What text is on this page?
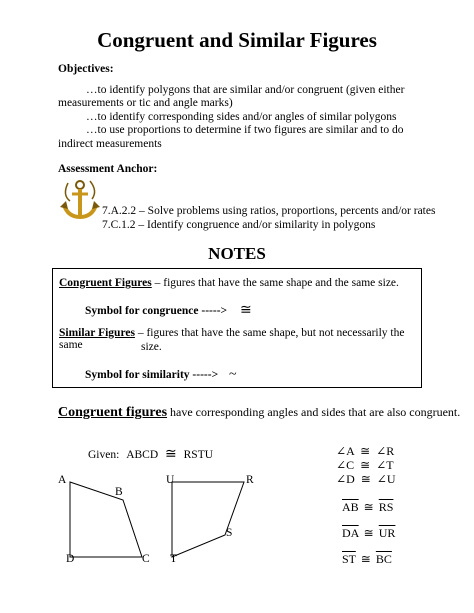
Congruent and Similar Figures
Objectives:

…to identify polygons that are similar and/or congruent (given either

measurements or tic and angle marks)

…to identify corresponding sides and/or angles of similar polygons

…to use proportions to determine if two figures are similar and to do

indirect measurements

Assessment Anchor:
7.A.2.2 – Solve problems using ratios, proportions, percents and/or rates
7.C.1.2 – Identify congruence and/or similarity in polygons
NOTES
Congruent Figures – figures that have the same shape and the same size.
Symbol for congruence -----> ≅
Similar Figures – figures that have the same shape, but not necessarily the same	size.
Symbol for similarity -----> ~
Congruent figures have corresponding angles and sides that are also congruent.
Given: ABCD ≅ RSTU
A
B
C
D
U	R
S
T
∠A ≅ ∠R
∠C ≅ ∠T
∠D ≅ ∠U
$\overline{AB}$ ≅ $\overline{RS}$
$\overline{DA}$ ≅ $\overline{UR}$
$\overline{ST}$ ≅ $\overline{BC}$
